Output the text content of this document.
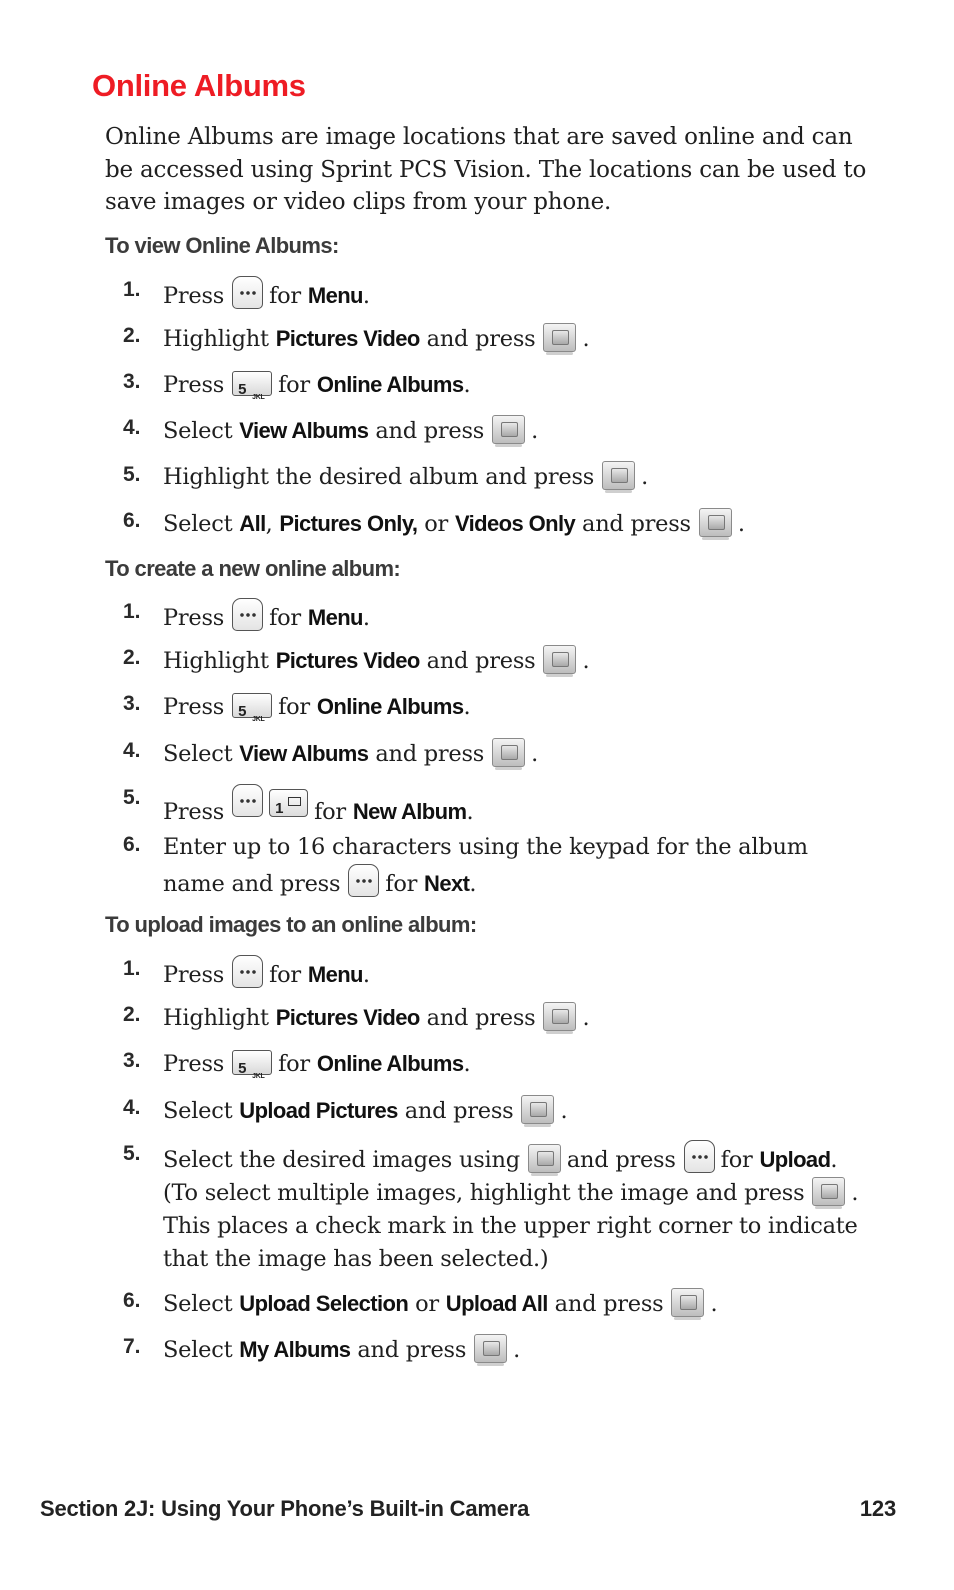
Online Albums

Online Albums are image locations that are saved online and can be accessed using Sprint PCS Vision. The locations can be used to save images or video clips from your phone.

To view Online Albums:

1. Press for Menu.
2. Highlight Pictures Video and press .
3. Press 5 JKL for Online Albums.
4. Select View Albums and press .
5. Highlight the desired album and press .
6. Select All, Pictures Only, or Videos Only and press .

To create a new online album:

1. Press for Menu.
2. Highlight Pictures Video and press .
3. Press 5 JKL for Online Albums.
4. Select View Albums and press .
5.
Press	1 for New Album.
6. Enter up to 16 characters using the keypad for the album name and press for Next.

To upload images to an online album:

1. Press for Menu.
2. Highlight Pictures Video and press .
3. Press 5 JKL for Online Albums.
4. Select Upload Pictures and press .
5. Select the desired images using and press for Upload. (To select multiple images, highlight the image and press . This places a check mark in the upper right corner to indicate that the image has been selected.)
6. Select Upload Selection or Upload All and press .
7. Select My Albums and press .

Section 2J: Using Your Phone’s Built-in Camera	123
